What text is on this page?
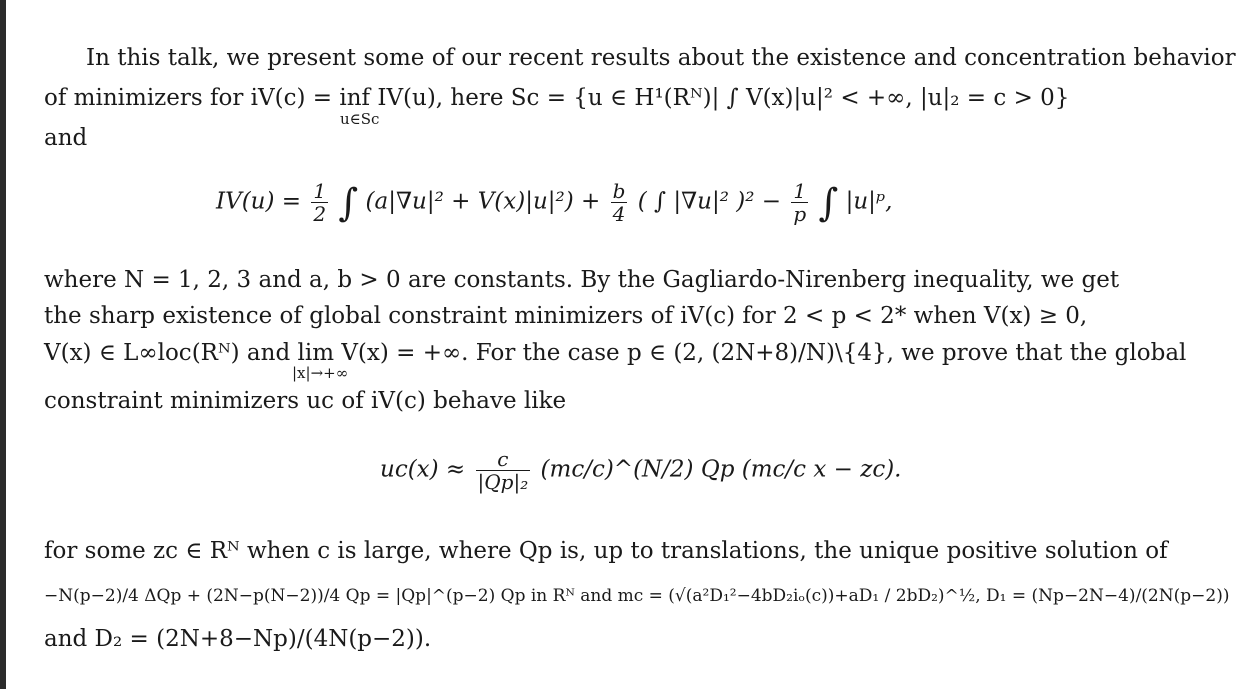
In this talk, we present some of our recent results about the existence and concentration behavior
of minimizers for iV(c) = inf IV(u), here Sc = {u ∈ H¹(Rᴺ)| ∫ V(x)|u|² < +∞, |u|₂ = c > 0}
u∈Sc
and
$IV(u) = \frac{1}{2}$ ∫ $(a|\nabla u|^2 + V(x)|u|^2) + \frac{b}{4}$ ( ∫ |∇u|² )$^2 - \frac{1}{p}$ ∫ |u|ᵖ,
where N = 1, 2, 3 and a, b > 0 are constants. By the Gagliardo-Nirenberg inequality, we get
the sharp existence of global constraint minimizers of iV(c) for 2 < p < 2* when V(x) ≥ 0,
V(x) ∈ L∞loc(Rᴺ) and lim V(x) = +∞. For the case p ∈ (2, (2N+8)/N)\{4}, we prove that the global
|x|→+∞
constraint minimizers uc of iV(c) behave like
$uc(x) \approx \frac{c}{\text{|Qp|₂}}$ (mc/c)^(N/2) Qp (mc/c x − zc).
for some zc ∈ Rᴺ when c is large, where Qp is, up to translations, the unique positive solution of
−N(p−2)/4 ΔQp + (2N−p(N−2))/4 Qp = |Qp|^(p−2) Qp in Rᴺ and mc = (√(a²D₁²−4bD₂iₒ(c))+aD₁ / 2bD₂)^½, D₁ = (Np−2N−4)/(2N(p−2))
and D₂ = (2N+8−Np)/(4N(p−2)).
